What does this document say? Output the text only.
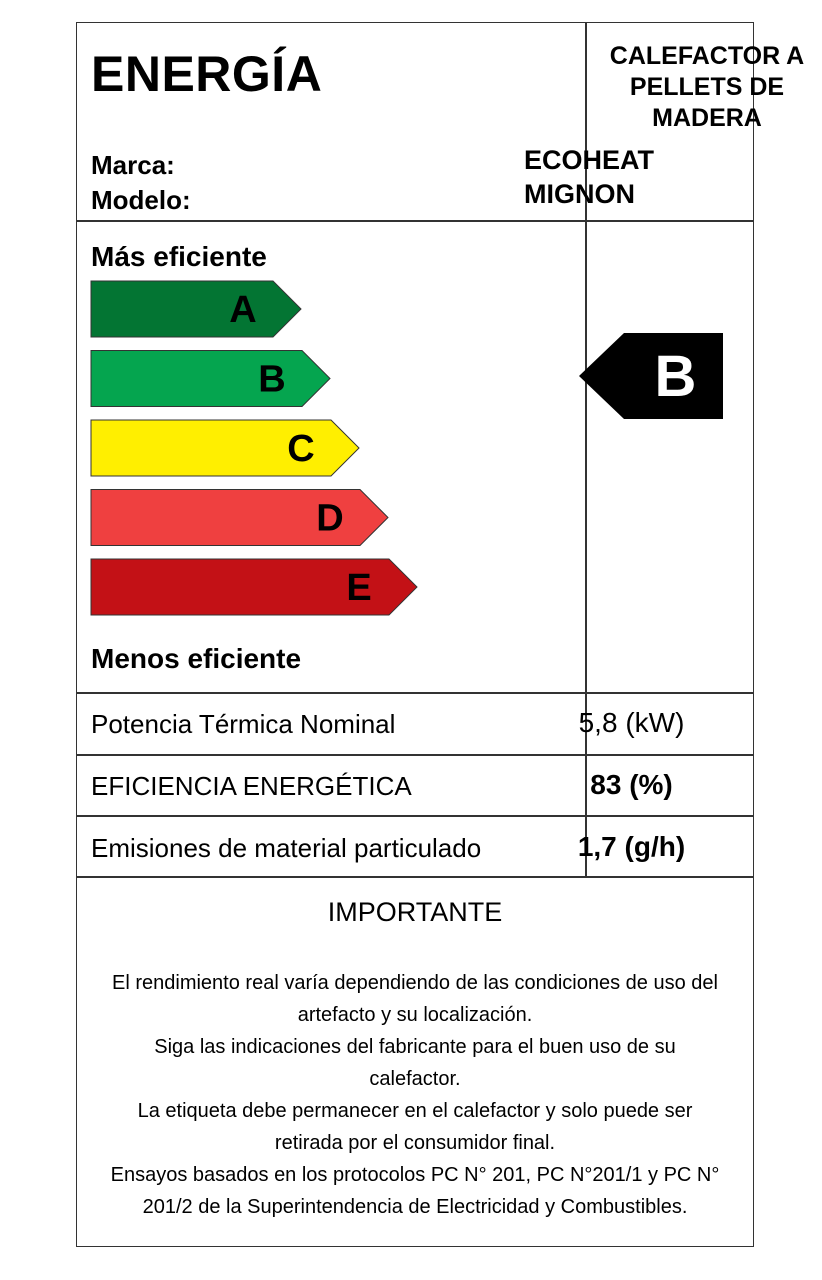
ENERGÍA	CALEFACTOR A
PELLETS DE
MADERA
Marca:
Modelo:
ECOHEAT
MIGNON
Más eficiente
A
B
C
D
E
B
Menos eficiente
Potencia Térmica Nominal	5,8 (kW)
EFICIENCIA ENERGÉTICA	83 (%)
Emisiones de material particulado	1,7 (g/h)
IMPORTANTE
El rendimiento real varía dependiendo de las condiciones de uso del
artefacto y su localización.
Siga las indicaciones del fabricante para el buen uso de su
calefactor.
La etiqueta debe permanecer en el calefactor y solo puede ser
retirada por el consumidor final.
Ensayos basados en los protocolos PC N° 201, PC N°201/1 y PC N°
201/2 de la Superintendencia de Electricidad y Combustibles.
